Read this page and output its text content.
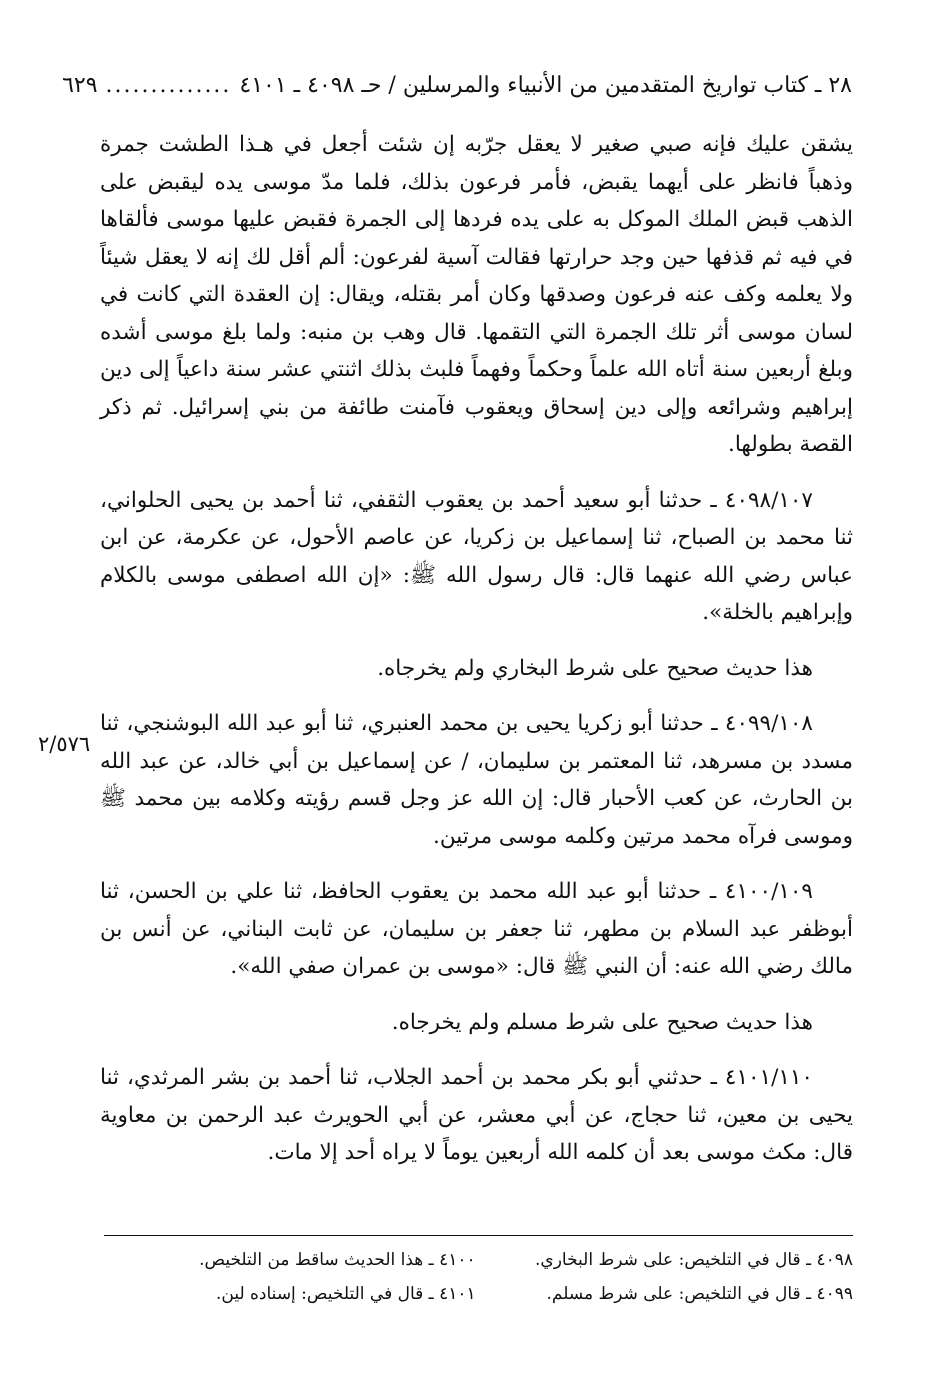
٢٨ ـ كتاب تواريخ المتقدمين من الأنبياء والمرسلين / حـ ٤٠٩٨ ـ ٤١٠١
..............
٦٢٩

يشقن عليك فإنه صبي صغير لا يعقل جرّبه إن شئت أجعل في هـذا الطشت جمرة وذهباً فانظر على أيهما يقبض، فأمر فرعون بذلك، فلما مدّ موسى يده ليقبض على الذهب قبض الملك الموكل به على يده فردها إلى الجمرة فقبض عليها موسى فألقاها في فيه ثم قذفها حين وجد حرارتها فقالت آسية لفرعون: ألم أقل لك إنه لا يعقل شيئاً ولا يعلمه وكف عنه فرعون وصدقها وكان أمر بقتله، ويقال: إن العقدة التي كانت في لسان موسى أثر تلك الجمرة التي التقمها. قال وهب بن منبه: ولما بلغ موسى أشده وبلغ أربعين سنة أتاه الله علماً وحكماً وفهماً فلبث بذلك اثنتي عشر سنة داعياً إلى دين إبراهيم وشرائعه وإلى دين إسحاق ويعقوب فآمنت طائفة من بني إسرائيل. ثم ذكر القصة بطولها.

٤٠٩٨/١٠٧ ـ حدثنا أبو سعيد أحمد بن يعقوب الثقفي، ثنا أحمد بن يحيى الحلواني، ثنا محمد بن الصباح، ثنا إسماعيل بن زكريا، عن عاصم الأحول، عن عكرمة، عن ابن عباس رضي الله عنهما قال: قال رسول الله ﷺ: «إن الله اصطفى موسى بالكلام وإبراهيم بالخلة».

هذا حديث صحيح على شرط البخاري ولم يخرجاه.

٤٠٩٩/١٠٨ ـ حدثنا أبو زكريا يحيى بن محمد العنبري، ثنا أبو عبد الله البوشنجي، ثنا مسدد بن مسرهد، ثنا المعتمر بن سليمان، / عن إسماعيل بن أبي خالد، عن عبد الله بن الحارث، عن كعب الأحبار قال: إن الله عز وجل قسم رؤيته وكلامه بين محمد ﷺ وموسى فرآه محمد مرتين وكلمه موسى مرتين.

٤١٠٠/١٠٩ ـ حدثنا أبو عبد الله محمد بن يعقوب الحافظ، ثنا علي بن الحسن، ثنا أبوظفر عبد السلام بن مطهر، ثنا جعفر بن سليمان، عن ثابت البناني، عن أنس بن مالك رضي الله عنه: أن النبي ﷺ قال: «موسى بن عمران صفي الله».

هذا حديث صحيح على شرط مسلم ولم يخرجاه.

٤١٠١/١١٠ ـ حدثني أبو بكر محمد بن أحمد الجلاب، ثنا أحمد بن بشر المرثدي، ثنا يحيى بن معين، ثنا حجاج، عن أبي معشر، عن أبي الحويرث عبد الرحمن بن معاوية قال: مكث موسى بعد أن كلمه الله أربعين يوماً لا يراه أحد إلا مات.

٢/٥٧٦
٤٠٩٨ ـ قال في التلخيص: على شرط البخاري. ٤١٠٠ ـ هذا الحديث ساقط من التلخيص.
٤٠٩٩ ـ قال في التلخيص: على شرط مسلم. ٤١٠١ ـ قال في التلخيص: إسناده لين.
